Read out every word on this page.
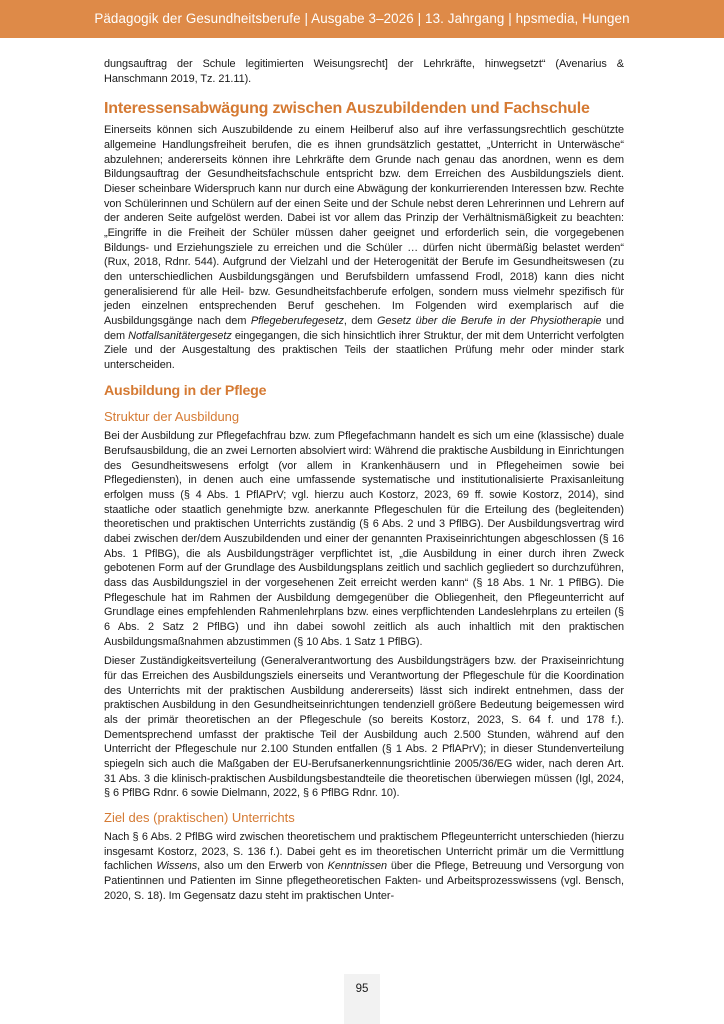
Pädagogik der Gesundheitsberufe | Ausgabe 3–2026 | 13. Jahrgang | hpsmedia, Hungen

dungsauftrag der Schule legitimierten Weisungsrecht] der Lehrkräfte, hinwegsetzt“ (Avenarius & Hanschmann 2019, Tz. 21.11).

Interessensabwägung zwischen Auszubildenden und Fachschule

Einerseits können sich Auszubildende zu einem Heilberuf also auf ihre verfassungsrechtlich geschützte allgemeine Handlungsfreiheit berufen, die es ihnen grundsätzlich gestattet, „Unterricht in Unterwäsche“ abzulehnen; andererseits können ihre Lehrkräfte dem Grunde nach genau das anordnen, wenn es dem Bildungsauftrag der Gesundheitsfachschule entspricht bzw. dem Erreichen des Ausbildungsziels dient. Dieser scheinbare Widerspruch kann nur durch eine Abwägung der konkurrierenden Interessen bzw. Rechte von Schülerinnen und Schülern auf der einen Seite und der Schule nebst deren Lehrerinnen und Lehrern auf der anderen Seite aufgelöst werden. Dabei ist vor allem das Prinzip der Verhältnismäßigkeit zu beachten: „Eingriffe in die Freiheit der Schüler müssen daher geeignet und erforderlich sein, die vorgegebenen Bildungs- und Erziehungsziele zu erreichen und die Schüler … dürfen nicht übermäßig belastet werden“ (Rux, 2018, Rdnr. 544). Aufgrund der Vielzahl und der Heterogenität der Berufe im Gesundheitswesen (zu den unterschiedlichen Ausbildungsgängen und Berufsbildern umfassend Frodl, 2018) kann dies nicht generalisierend für alle Heil- bzw. Gesundheitsfachberufe erfolgen, sondern muss vielmehr spezifisch für jeden einzelnen entsprechenden Beruf geschehen. Im Folgenden wird exemplarisch auf die Ausbildungsgänge nach dem Pflegeberufegesetz, dem Gesetz über die Berufe in der Physiotherapie und dem Notfallsanitätergesetz eingegangen, die sich hinsichtlich ihrer Struktur, der mit dem Unterricht verfolgten Ziele und der Ausgestaltung des praktischen Teils der staatlichen Prüfung mehr oder minder stark unterscheiden.

Ausbildung in der Pflege
Struktur der Ausbildung

Bei der Ausbildung zur Pflegefachfrau bzw. zum Pflegefachmann handelt es sich um eine (klassische) duale Berufsausbildung, die an zwei Lernorten absolviert wird: Während die praktische Ausbildung in Einrichtungen des Gesundheitswesens erfolgt (vor allem in Krankenhäusern und in Pflegeheimen sowie bei Pflegediensten), in denen auch eine umfassende systematische und institutionalisierte Praxisanleitung erfolgen muss (§ 4 Abs. 1 PflAPrV; vgl. hierzu auch Kostorz, 2023, 69 ff. sowie Kostorz, 2014), sind staatliche oder staatlich genehmigte bzw. anerkannte Pflegeschulen für die Erteilung des (begleitenden) theoretischen und praktischen Unterrichts zuständig (§ 6 Abs. 2 und 3 PflBG). Der Ausbildungsvertrag wird dabei zwischen der/dem Auszubildenden und einer der genannten Praxiseinrichtungen abgeschlossen (§ 16 Abs. 1 PflBG), die als Ausbildungsträger verpflichtet ist, „die Ausbildung in einer durch ihren Zweck gebotenen Form auf der Grundlage des Ausbildungsplans zeitlich und sachlich gegliedert so durchzuführen, dass das Ausbildungsziel in der vorgesehenen Zeit erreicht werden kann“ (§ 18 Abs. 1 Nr. 1 PflBG). Die Pflegeschule hat im Rahmen der Ausbildung demgegenüber die Obliegenheit, den Pflegeunterricht auf Grundlage eines empfehlenden Rahmenlehrplans bzw. eines verpflichtenden Landeslehrplans zu erteilen (§ 6 Abs. 2 Satz 2 PflBG) und ihn dabei sowohl zeitlich als auch inhaltlich mit den praktischen Ausbildungsmaßnahmen abzustimmen (§ 10 Abs. 1 Satz 1 PflBG).

Dieser Zuständigkeitsverteilung (Generalverantwortung des Ausbildungsträgers bzw. der Praxiseinrichtung für das Erreichen des Ausbildungsziels einerseits und Verantwortung der Pflegeschule für die Koordination des Unterrichts mit der praktischen Ausbildung andererseits) lässt sich indirekt entnehmen, dass der praktischen Ausbildung in den Gesundheitseinrichtungen tendenziell größere Bedeutung beigemessen wird als der primär theoretischen an der Pflegeschule (so bereits Kostorz, 2023, S. 64 f. und 178 f.). Dementsprechend umfasst der praktische Teil der Ausbildung auch 2.500 Stunden, während auf den Unterricht der Pflegeschule nur 2.100 Stunden entfallen (§ 1 Abs. 2 PflAPrV); in dieser Stundenverteilung spiegeln sich auch die Maßgaben der EU-Berufsanerkennungsrichtlinie 2005/36/EG wider, nach deren Art. 31 Abs. 3 die klinisch-praktischen Ausbildungsbestandteile die theoretischen überwiegen müssen (Igl, 2024, § 6 PflBG Rdnr. 6 sowie Dielmann, 2022, § 6 PflBG Rdnr. 10).

Ziel des (praktischen) Unterrichts

Nach § 6 Abs. 2 PflBG wird zwischen theoretischem und praktischem Pflegeunterricht unterschieden (hierzu insgesamt Kostorz, 2023, S. 136 f.). Dabei geht es im theoretischen Unterricht primär um die Vermittlung fachlichen Wissens, also um den Erwerb von Kenntnissen über die Pflege, Betreuung und Versorgung von Patientinnen und Patienten im Sinne pflegetheoretischen Fakten- und Arbeitsprozesswissens (vgl. Bensch, 2020, S. 18). Im Gegensatz dazu steht im praktischen Unter-

95
